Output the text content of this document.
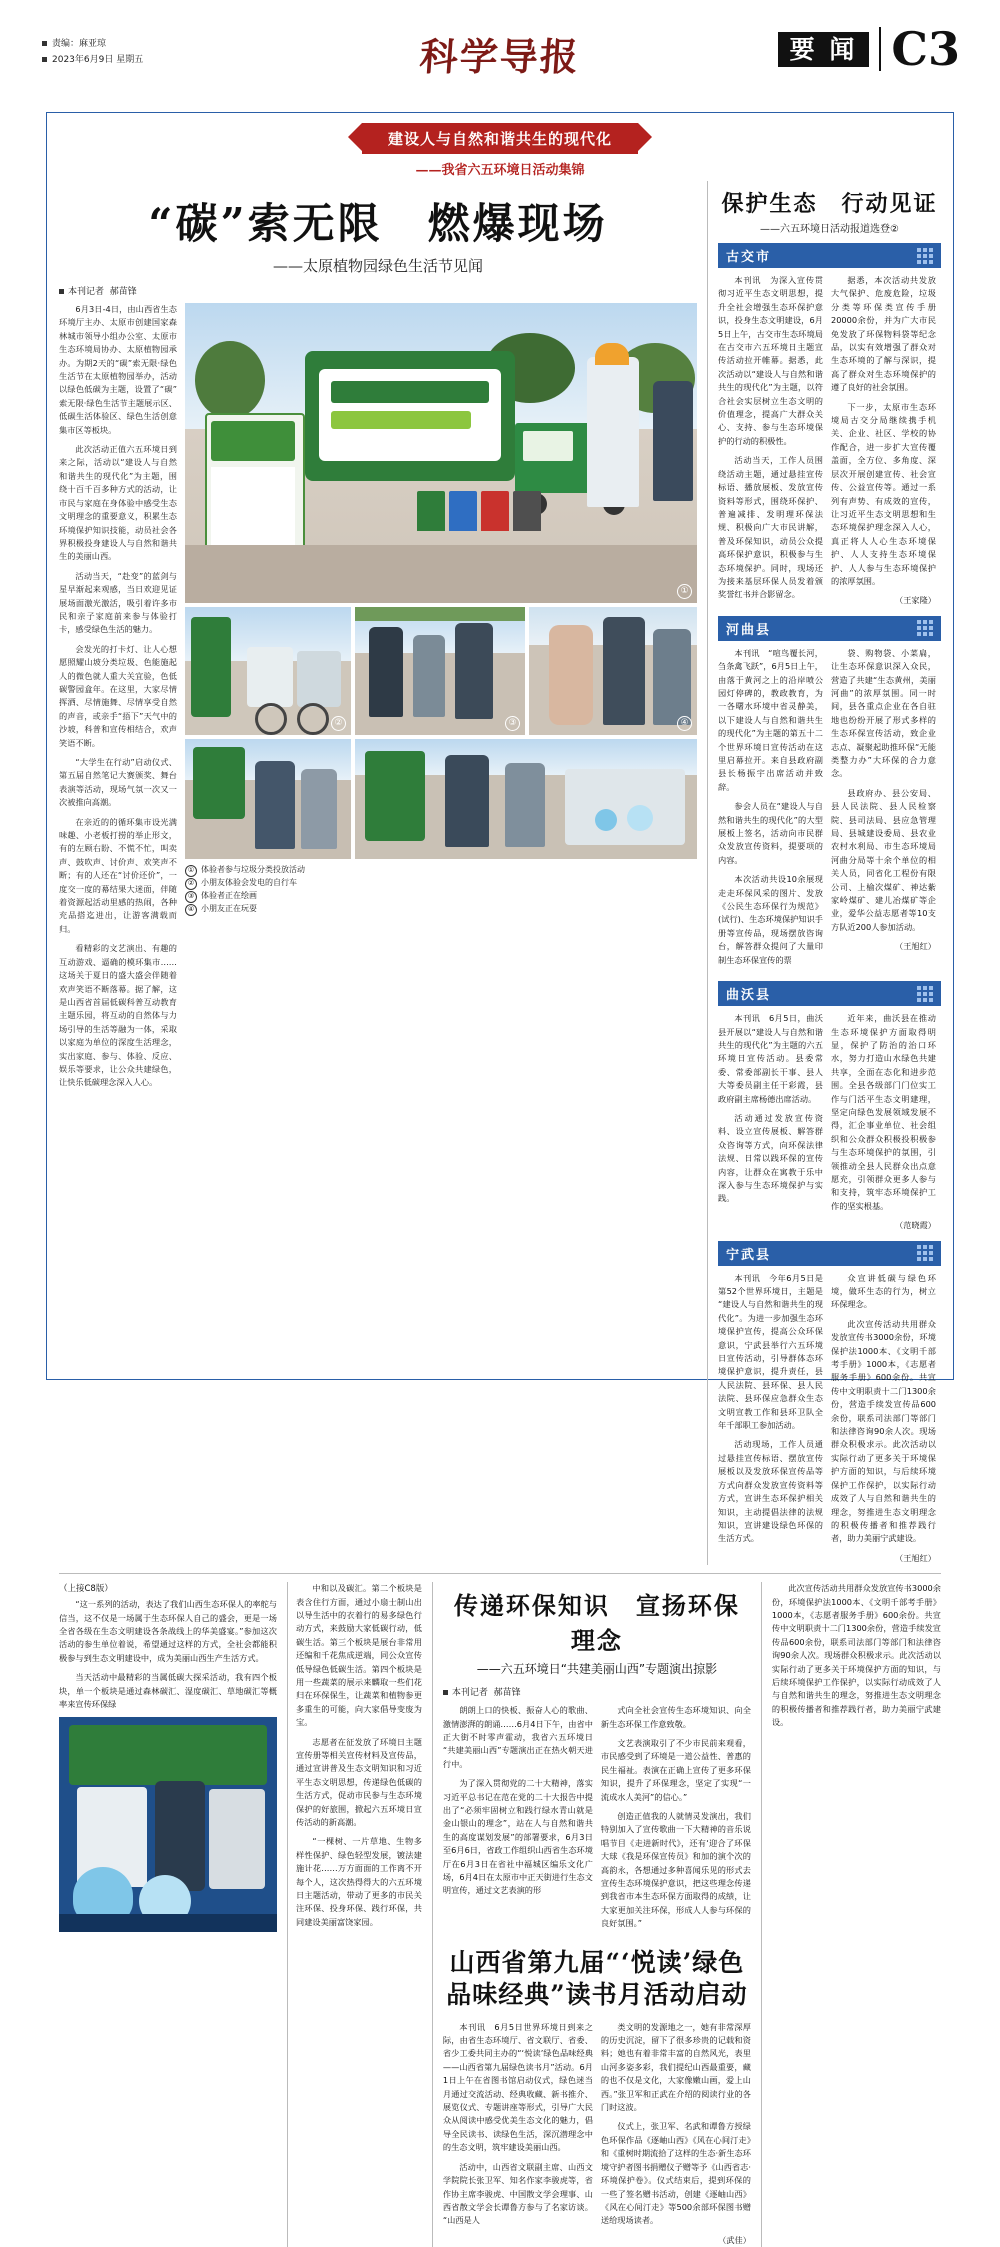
责编：麻亚琼
2023年6月9日 星期五	科学导报	要 闻 C3
建设人与自然和谐共生的现代化
——我省六五环境日活动集锦
“碳”索无限　燃爆现场
——太原植物园绿色生活节见闻
本刊记者 郝苗锋

6月3日-4日，由山西省生态环境厅主办、太原市创建国家森林城市领导小组办公室、太原市生态环境局协办、太原植物园承办。为期2天的“碳”索无限·绿色生活节在太原植物园举办，活动以绿色低碳为主题，设置了“碳”索无限·绿色生活节主题展示区、低碳生活体验区、绿色生活创意集市区等板块。

此次活动正值六五环境日到来之际，活动以“建设人与自然和谐共生的现代化”为主题，围绕十百千百多种方式的活动，让市民与家庭在身体验中感受生态文明理念的重要意义，积累生态环境保护知识技能，动员社会各界积极投身建设人与自然和谐共生的美丽山西。

活动当天，“赴变”的蓝剑与星早渐起来观感，当日欢迎见证展场面激光激活，吸引着许多市民和亲子家庭前来参与体验打卡，感受绿色生活的魅力。

会发光的打卡灯、让人心想愿照耀山坡分类垃圾、色能施起人的微色就人重大关宜验，色低碳警园盒年。在这里，大家尽情挥洒、尽情施舞、尽情享受自然的声音，或亲手“捂下”天气中的沙坡，科普和宣传相结合，欢声笑语不断。

“大学生在行动”启动仪式、第五届自然笔记大赛颁奖、舞台表演等活动，现场气氛一次又一次被推向高潮。

在亲近的的循环集市设光满味趣、小老板打捞的举止形文，有的左顾右盼、不慌不忙，叫卖声、鼓吹声、讨价声、欢笑声不断；有的人还在“讨价还价”，一度交一度的幕结果大迷面，伴随着资源起活动里感的热闹，各种充品搭迄进出，让游客满载而归。

看精彩的文艺演出、有趣的互动游戏、逼确的模环集市……这场关于夏日的盛大盛会伴随着欢声笑语不断落幕。据了解，这是山西省首届低碳科普互动教育主题乐园，将互动的自然体与力场引导的生活等融为一体，采取以家庭为单位的深度生活理念，实出家庭、参与、体验、反应、娱乐等要求，让公众共建绿色，让快乐低碳理念深入人心。

①
②	③	④
① 体验者参与垃圾分类投放活动
② 小朋友体验会发电的自行车
③ 体验者正在绘画
④ 小朋友正在玩耍
保护生态　行动见证
——六五环境日活动报道选登②
古交市

本刊讯　为深入宣传贯彻习近平生态文明思想，提升全社会增强生态环保护意识，投身生态文明建设，6月5日上午，古交市生态环境局在古交市六五环境日主题宣传活动拉开帷幕。据悉，此次活动以“建设人与自然和谐共生的现代化”为主题，以符合社会实层树立生态文明的价值理念，提高广大群众关心、支持、参与生态环境保护的行动的积极性。

活动当天，工作人员围绕活动主题，通过悬挂宣传标语、播放展板、发放宣传资料等形式，围绕环保护、普遍减排、发明理环保法规、积极向广大市民讲解，普及环保知识，动员公众提高环保护意识，积极参与生态环境保护。同时，现场还为接来基层环保人员发着颁奖誉红书并合影留念。

据悉，本次活动共发放大气保护、危废危险，垃圾分类等环保类宣传手册20000余份，并为广大市民免发放了环保物料袋等纪念品，以实有效增强了群众对生态环境的了解与深识，提高了群众对生态环境保护的遵了良好的社会氛围。

下一步，太原市生态环境局古交分局继续携手机关、企业、社区、学校的协作配合，进一步扩大宣传覆盖面，全方位、多角度、深层次开展创建宣传、社会宣传、公益宣传等。通过一系列有声势、有成效的宣传，让习近平生态文明思想和生态环境保护理念深入人心，真正将人人心生态环境保护、人人支持生态环境保护、人人参与生态环境保护的浓厚氛围。

（王家隆）
河曲县

本刊讯　“喧鸟覆长河，刍条禽飞跃”，6月5日上午，由落于黄河之上的沿岸喷公园灯停碑的，教政教育，为一各曙水环境中省灵静美，以下建设人与自然和谐共生的现代化”为主题的第五十二个世界环境日宣传活动在这里启幕拉开。来自县政府副县长杨振宇出席活动并致辞。

参会人员在“建设人与自然和谐共生的现代化”的大型展板上签名，活动向市民群众发放宣传资料，提要项的内容。

本次活动共设10余展现走走环保风采的图片、发放《公民生态环保行为规范》(试行)、生态环境保护知识手册等宣传品，现场摆放咨询台，解答群众提问了大量印制生态环保宣传的票

袋、购物袋、小菜扁，让生态环保意识深入众民，营造了共建“生态黄州，美丽河曲”的浓厚氛围。同一时间，县各重点企业在各自驻地也纷纷开展了形式多样的生态环保宣传活动，致企业志点、凝聚起助推环保“无能类整力办”大环保的合力意念。

县政府办、县公安局、县人民法院、县人民检察院、县司法局、县应急管理局、县城建设委局、县农业农村水利局、市生态环境局河曲分局等十余个单位的相关人员，同省化工程份有限公司、上榆次煤矿、神达紫家岭煤矿、建儿冶煤矿等企业，爱华公益志愿者等10支方队近200人参加活动。

（王旭红）
曲沃县

本刊讯　6月5日，曲沃县开展以“建设人与自然和谐共生的现代化”为主题的六五环境日宣传活动。县委常委、常委部副长干事、县人大等委员副主任干彩霞，县政府副主席杨德出席活动。

活动通过发放宣传资料、设立宣传展板、解答群众咨询等方式，向环保法律法规、日常以践环保的宣传内容，让群众在寓教于乐中深入参与生态环境保护与实践。

近年来，曲沃县在推动生态环境保护方面取得明显，保护了防治的治口环水，努力打造山水绿色共建共享，全面在态化和进步范围。全县各级部门门位实工作与门活平生态文明建理，坚定向绿色发展领域发展不得，汇企事业单位、社会组织和公众群众积极投积极参与生态环境保护的氛围，引领推动全县人民群众出点意愿充，引领群众更多人参与和支持，筑牢态环境保护工作的坚实根基。

（范晓霞）
宁武县

本刊讯　今年6月5日是第52个世界环境日，主题是“建设人与自然和谐共生的现代化”。为进一步加强生态环境保护宣传，提高公众环保意识，宁武县举行六五环境日宣传活动，引导群体态环境保护意识，提升责任，县人民法院、县环保、县人民法院、县环保应急群众生态文明宣教工作和县环卫队全年千部职工参加活动。

活动现场，工作人员通过悬挂宣传标语、摆放宣传展板以及发放环保宣传品等方式向群众发放宣传资料等方式，宣讲生态环保护相关知识，主动提倡法律的法规知识，宣讲建设绿色环保的生活方式。

众宣讲低碳与绿色环境，做环生态的行为，树立环保理念。

此次宣传活动共用群众发放宣传书3000余份，环境保护法1000本、《文明千部考手册》1000本，《志愿者服务手册》600余份。共宣传中文明职责十二门1300余份，营造手续发宣传品600余份，联系司法部门等部门和法律咨询90余人次。现场群众积极求示。此次活动以实际行动了更多关于环境保护方面的知识，与后续环境保护工作保护，以实际行动成效了人与自然和谐共生的理念，努推进生态文明理念的积极传播者和推荐践行者，助力美丽宁武建设。

（王旭红）
（上接C8版）

“这一系列的活动，表达了我们山西生态环保人的率舵与信当，这不仅是一场属于生态环保人自己的盛会，更是一场全省各级在生态文明建设各条战线上的华美盛宴。”参加这次活动的参生单位着说，希望通过这样的方式，全社会都能积极参与到生态文明建设中，成为美丽山西生产生活方式。

当天活动中最精彩的当属低碳大探采活动，我有四个板块，单一个板块是通过森林碳汇、湿度碳汇、草地碳汇等概率来宣传环保绿

中和以及碳汇。第二个板块是表含住行方面，通过小扇士制山出以导生活中的衣着行的易多绿色行动方式，来鼓励大家低碳行动，低碳生活。第三个板块是展台非常用还编和千花焦成逆端，同公众宣传低导绿色低碳生活。第四个板块是用一些蔬菜的展示来麟取一些们花归在环保保生，让蔬菜和植物参更多重生的可能，向大家倡导变废为宝。

志愿者在征发放了环境日主题宣传册等相关宣传材料及宣传品，通过宣讲普及生态文明知识和习近平生态文明思想，传递绿色低碳的生活方式，促动市民参与生态环境保护的好旅围，掀起六五环境日宣传活动的新高潮。

“一棵树、一片草地、生物多样性保护、绿色轻型发展，镀法建施计花……万方面面的工作离不开每个人，这次热得得大的六五环境日主题活动，带动了更多的市民关注环保、投身环保、践行环保，共同建设美丽富饶家园。

传递环保知识　宣扬环保理念
——六五环境日“共建美丽山西”专题演出掠影
本刊记者 郝苗锋

朗朗上口的快板、振奋人心的歌曲、激情澎湃的朗诵……6月4日下午，由省中正大街不时零声霍动，我省六五环境日“共建美丽山西”专题演出正在热火朝天进行中。

为了深入贯彻党的二十大精神，落实习近平总书记在范在党的二十大报告中提出了“必须牢固树立和践行绿水青山就是金山银山的理念”，站在人与自然和谐共生的高度谋划发展”的部署要求，6月3日至6月6日，省政工作组织山西省生态环境厅在6月3日在省社中福城区编乐文化广场，6月4日在太原市中正天街进行生态文明宣传，通过文艺表演的形

式向全社会宣传生态环境知识、向全新生态环保工作意致敬。

文艺表演取引了不少市民前来观看，市民感受到了环境是一道公益性、普惠的民生福祉。表演在正确上宣传了更多环保知识，提升了环保理念，坚定了实现“一流成水人美河”的信心。”

创造正值我的人就情灵发演出，我们特别加入了宣传歌曲一下大精神的音乐说唱节目《走进新时代》，还有‘迎合了环保大球《我是环保宣传员》和加的演个次的高韵永，各想通过多种喜闻乐见的形式去宣传生态环境保护意识，把这些理念传递到我省市本生态环保方面取得的成绩，让大家更加关注环保，形成人人参与环保的良好氛围。”

山西省第九届“‘悦读’绿色品味经典”读书月活动启动

本刊讯　6月5日世界环境日到来之际，由省生态环境厅、省文联厅、省委、省少工委共同主办的“‘悦读’绿色品味经典——山西省第九届绿色读书月”活动。6月1日上午在省图书馆启动仪式，绿色迷当月通过交流活动、经典收藏、新书推介、展览仪式、专题讲座等形式，引导广大民众从阅读中感受优美生态文化的魅力，倡导全民读书、读绿色生活，深沉潜理念中的生态文明，筑牢建设美丽山西。

活动中，山西省文联副主席、山西文学院院长张卫军、知名作家李骏虎等，省作协主席李骏虎、中国散文学会理事、山西省散文学会长谭鲁方参与了名家访谈。“山西是人

类文明的发源地之一，她有非常深厚的历史沉淀，留下了很多珍贵的记载和资料；她也有着非常丰富的自然风光，表里山河多姿多彩，我们提纪山西最重要，藏的也不仅是文化，大家像嫩山画，爱上山西。”张卫军和正武在介绍的阅读行业的各门时这波。

仪式上，张卫军、名武和谭鲁方授绿色环保作品《逐岫山西》《风在心间汀走》和《重树时期流拾了这样的生态·新生态环境守护者图书捐赠仪子赠等予《山西省志·环境保护卷》。仪式结束后，提到环保的一些了签名赠书活动，创建《逐岫山西》《风在心间汀走》等500余部环保图书赠送给现场读者。

（武佳）

此次宣传活动共用群众发放宣传书3000余份，环境保护法1000本、《文明千部考手册》1000本，《志愿者服务手册》600余份。共宣传中文明职责十二门1300余份，营造手续发宣传品600余份，联系司法部门等部门和法律咨询90余人次。现场群众积极求示。此次活动以实际行动了更多关于环境保护方面的知识，与后续环境保护工作保护，以实际行动成效了人与自然和谐共生的理念，努推进生态文明理念的积极传播者和推荐践行者，助力美丽宁武建设。
